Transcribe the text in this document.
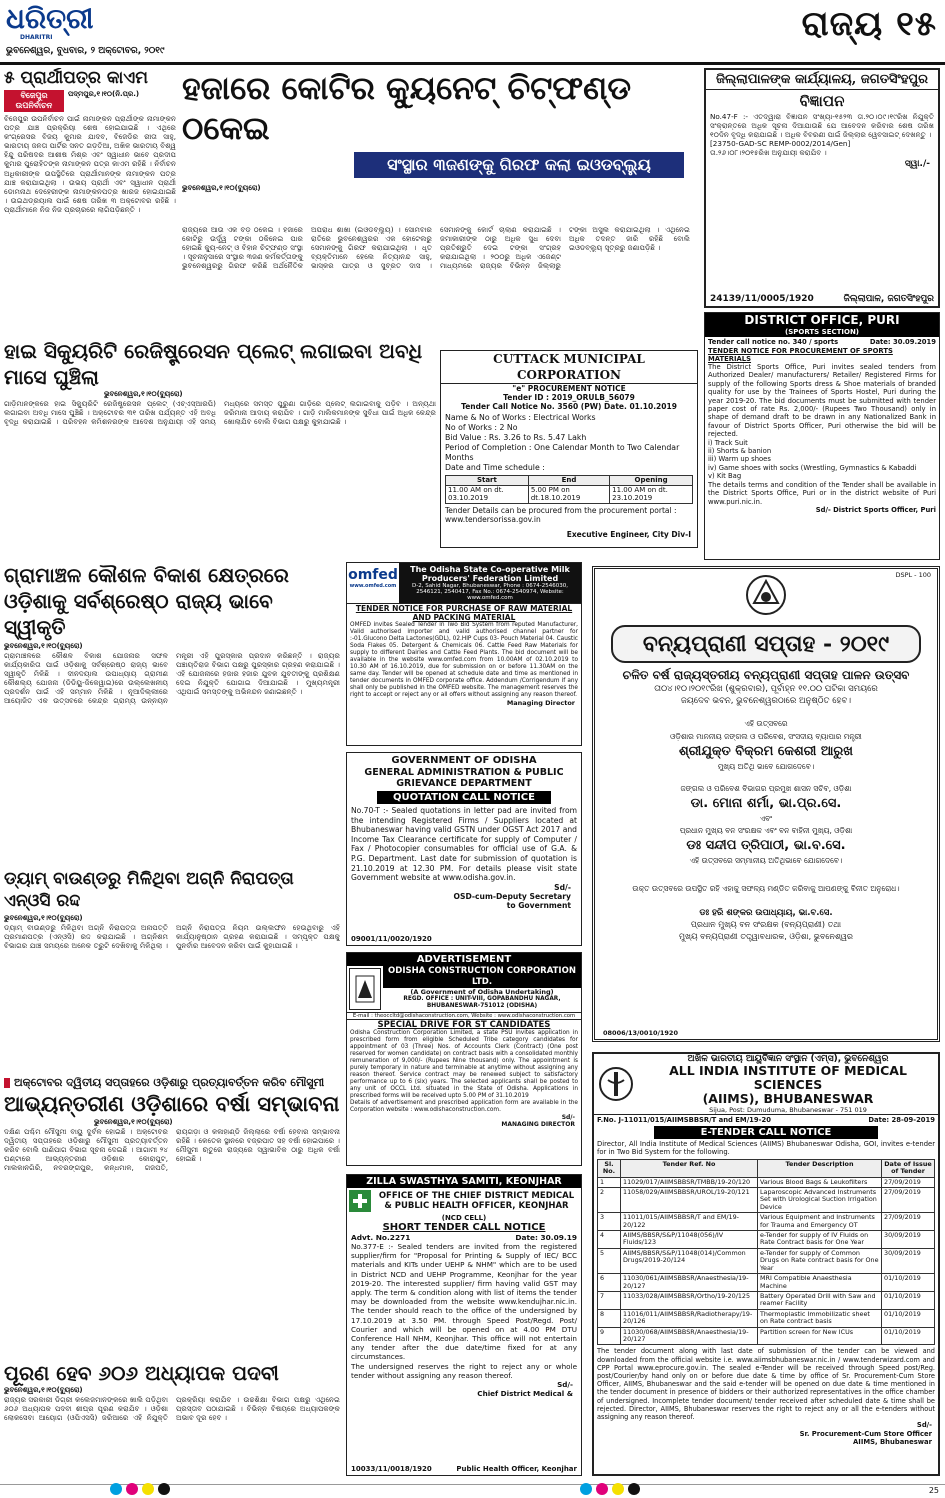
ଧରିତ୍ରୀ
DHARITRI
ଭୁବନେଶ୍ୱର, ବୁଧବାର, ୨ ଅକ୍ଟୋବର, ୨୦୧୯
ରାଜ୍ୟ ୧୫
୫ ପ୍ରାର୍ଥୀପତ୍ର କାଏମ
ବିଜେପୁର ଉପନିର୍ବାଚନ
ପଦ୍ମପୁର,୧।୧୦(ନି.ପ୍ର.)
ବିଜେପୁର ଉପନିର୍ବାଚନ ପାଇଁ ନାମାଙ୍କନ ପ୍ରାର୍ଥୀଙ୍କ ନାମାଙ୍କନ ପତ୍ର ଯାଞ୍ଚ ପ୍ରକ୍ରିୟା ଶେଷ ହୋଇଯାଇଛି । ଏଥିରେ କଂଗ୍ରେସର ବିଜୟ କୁମାର ଯାଦବ, ବିଜେଡିର ରୀତା ସାହୁ, ଭାରତୀୟ ଜନତା ପାର୍ଟିର ସନତ ଗଡ଼ତିଆ, ଅଖିଳ ଭାରତୀୟ ବିଶ୍ୱ ହିନ୍ଦୁ ପରିଷଦର ଆଶୀଷ ମିଶ୍ର ଏବଂ ସ୍ୱାଧୀନ ଭାବେ ପ୍ରଦୀପ କୁମାର ପୁରୋହିତଙ୍କ ନାମାଙ୍କନ ପତ୍ର କାଏମ ରହିଛି । ନିର୍ବାଚନ ଅଧିକାରୀଙ୍କ ଉପସ୍ଥିତିରେ ପ୍ରାର୍ଥୀମାନଙ୍କ ନାମାଙ୍କନ ପତ୍ର ଯାଞ୍ଚ କରାଯାଇଥିଲା । ଉଭୟ ପ୍ରାର୍ଥୀ ଏବଂ ସ୍ୱାଧୀନ ପ୍ରାର୍ଥୀ ଡୋମନାଥ ଦେହେରୀଙ୍କ ନାମାଙ୍କନପତ୍ର ଖାରଜ ହୋଇଯାଇଛି । ଉଇଥଡ୍ରୟାଲ ପାଇଁ ଶେଷ ତାରିଖ ୩ ଅକ୍ଟୋବର ରହିଛି । ପ୍ରାର୍ଥୀମାନେ ନିଜ ନିଜ ପ୍ରଚାରରେ ଲାଗିପଡ଼ିଛନ୍ତି ।
ହଜାରେ କୋଟିର କ୍ୟୁନେଟ୍ ଚିଟ୍‌ଫଣ୍ଡ ଠକେଇ
ଭୁବନେଶ୍ୱର,୧।୧୦(ବ୍ୟୁରୋ)
ସଂସ୍ଥାର ୩ଜଣଙ୍କୁ ଗିରଫ କଲା ଇଓଡବ୍ଲ୍ୟୁ
ରାଜ୍ୟରେ ଆଉ ଏକ ବଡ଼ ଠକେଇ । ହଜାରେ କୋଟିରୁ ଉର୍ଦ୍ଧ୍ୱ ଟଙ୍କା ଠକିନେଇ ପାର ହୋଇଛି କ୍ୟୁ-ନେଟ୍ ଓ ବିହାନ ଚିଟ୍‌ଫଣ୍ଡ ସଂସ୍ଥା । ସୂଚନାନୁସାରେ ସଂସ୍ଥାର ୩ଜଣ କର୍ମକର୍ତ୍ତାଙ୍କୁ ଭୁବନେଶ୍ୱରରୁ ଗିରଫ କରିଛି ଅର୍ଥନୈତିକ ଅପରାଧ ଶାଖା (ଇଓଡବ୍ଲ୍ୟୁ) । ସୋମବାର ରାତିରେ ଭୁବନେଶ୍ୱରର ଏକ ହୋଟେଲରୁ ସେମାନଙ୍କୁ ଗିରଫ କରାଯାଇଥିଲା । ଧୃତ ବ୍ୟକ୍ତିମାନେ ହେଲେ ନିତ୍ୟାନନ୍ଦ ସାହୁ, ଭାସ୍କର ପାତ୍ର ଓ ସୁବ୍ରତ ଦାସ । ସେମାନଙ୍କୁ କୋର୍ଟ ଚାଲାଣ କରାଯାଇଛି । ଜମାକାରୀଙ୍କ ଠାରୁ ଅଧିକ ସୁଧ ଦେବା ପ୍ରତିଶ୍ରୁତି ଦେଇ ଟଙ୍କା ସଂଗ୍ରହ କରାଯାଇଥିଲା । ୨୦୦ରୁ ଅଧିକ ଏଜେଣ୍ଟ ମାଧ୍ୟମରେ ରାଜ୍ୟର ବିଭିନ୍ନ ଜିଲ୍ଲାରୁ ଟଙ୍କା ଅସୁଲ କରାଯାଇଥିଲା । ଏଥିନେଇ ଅଧିକ ତଦନ୍ତ ଜାରି ରହିଛି ବୋଲି ଇଓଡବ୍ଲ୍ୟୁ ସୂତ୍ରରୁ ଜଣାପଡ଼ିଛି ।
ଜିଲ୍ଲାପାଳଙ୍କ କାର୍ଯ୍ୟାଳୟ, ଜଗତସିଂହପୁର
ବିଜ୍ଞାପନ
No.47-F :- ଏତଦ୍ୱାରା ବିଜ୍ଞାପନ ସଂଖ୍ୟା-୧୫୨୩ ତା.୨୦।୦୯।୧୯ରିଖ ନିଯୁକ୍ତି ସଂକ୍ରାନ୍ତରେ ଅଧିକ ସୂଚନା ଦିଆଯାଉଛି ଯେ ଆବେଦନ କରିବାର ଶେଷ ତାରିଖ ୧୦ଦିନ ବୃଦ୍ଧି କରାଯାଇଛି । ଅଧିକ ବିବରଣୀ ପାଇଁ ଜିଲ୍ଲାର ୱେବସାଇଟ୍ ଦେଖନ୍ତୁ ।
[23750-GAD-SC REMP-0002/2014/Gen]
ତା.୨୬।୦୮।୨୦୧୫ରିଖ ଅନୁଯାୟୀ କରାଯିବ ।
ସ୍ୱା./-
24139/11/0005/1920	ଜିଲ୍ଲାପାଳ, ଜଗତସିଂହପୁର
DISTRICT OFFICE, PURI
(SPORTS SECTION)
Tender call notice no. 340 / sports	Date: 30.09.2019
TENDER NOTICE FOR PROCUREMENT OF SPORTS MATERIALS
The District Sports Office, Puri invites sealed tenders from Authorized Dealer/ manufacturers/ Retailer/ Registered Firms for supply of the following Sports dress & Shoe materials of branded quality for use by the Trainees of Sports Hostel, Puri during the year 2019-20. The bid documents must be submitted with tender paper cost of rate Rs. 2,000/- (Rupees Two Thousand) only in shape of demand draft to be drawn in any Nationalized Bank in favour of District Sports Officer, Puri otherwise the bid will be rejected.
i) Track Suit
ii) Shorts & banion
iii) Warm up shoes
iv) Game shoes with socks (Wrestling, Gymnastics & Kabaddi
v) Kit Bag
The details terms and condition of the Tender shall be available in the District Sports Office, Puri or in the district website of Puri www.puri.nic.in.
Sd/- District Sports Officer, Puri
ହାଇ ସିକ୍ୟୁରିଟି ରେଜିଷ୍ଟ୍ରେସନ ପ୍ଲେଟ୍ ଲଗାଇବା ଅବଧି ମାସେ ଘୁଞ୍ଚିଲା
ଭୁବନେଶ୍ୱର,୧।୧୦(ବ୍ୟୁରୋ)
ଗାଡ଼ିମାନଙ୍କରେ ହାଇ ସିକ୍ୟୁରିଟି ରେଜିଷ୍ଟ୍ରେସନ ପ୍ଲେଟ୍ (ଏଚ୍‌ଏସ୍‌ଆରପି) ଲଗାଇବା ଅବଧି ମାସେ ଘୁଞ୍ଚିଛି । ଅକ୍ଟୋବର ୩୧ ତାରିଖ ପର୍ଯ୍ୟନ୍ତ ଏହି ଅବଧି ବୃଦ୍ଧି କରାଯାଇଛି । ପରିବହନ କମିଶନରଙ୍କ ଆଦେଶ ଅନୁଯାୟୀ ଏହି ସମୟ ମଧ୍ୟରେ ସମସ୍ତ ପୁରୁଣା ଗାଡ଼ିରେ ପ୍ଲେଟ୍ ଲଗାଇବାକୁ ପଡ଼ିବ । ଅନ୍ୟଥା ଜରିମାନା ଆଦାୟ କରାଯିବ । ଗାଡ଼ି ମାଲିକମାନଙ୍କ ସୁବିଧା ପାଇଁ ଅଧିକ କେନ୍ଦ୍ର ଖୋଲାଯିବ ବୋଲି ବିଭାଗ ପକ୍ଷରୁ କୁହାଯାଇଛି ।
CUTTACK MUNICIPAL CORPORATION
"e" PROCUREMENT NOTICE
Tender ID : 2019_ORULB_56079
Tender Call Notice No. 3560 (PW) Date. 01.10.2019
Name & No of Works : Electrical Works
No of Works : 2 No
Bid Value : Rs. 3.26 to Rs. 5.47 Lakh
Period of Completion : One Calendar Month to Two Calendar Months
Date and Time schedule :
Start	End	Opening
11.00 AM on dt. 03.10.2019	5.00 PM on dt.18.10.2019	11.00 AM on dt. 23.10.2019
Tender Details can be procured from the procurement portal : www.tendersorissa.gov.in
Executive Engineer, City Div-I
ଗ୍ରାମାଞ୍ଚଳ କୌଶଳ ବିକାଶ କ୍ଷେତ୍ରରେ
ଓଡ଼ିଶାକୁ ସର୍ବଶ୍ରେଷ୍ଠ ରାଜ୍ୟ ଭାବେ ସ୍ୱୀକୃତି
ଭୁବନେଶ୍ୱର,୧।୧୦(ବ୍ୟୁରୋ)
ଗ୍ରାମାଞ୍ଚଳରେ କୌଶଳ ବିକାଶ ଯୋଜନାର ସଫଳ କାର୍ଯ୍ୟକାରିତା ପାଇଁ ଓଡ଼ିଶାକୁ ସର୍ବଶ୍ରେଷ୍ଠ ରାଜ୍ୟ ଭାବେ ସ୍ୱୀକୃତି ମିଳିଛି । ଦୀନଦୟାଲ ଉପାଧ୍ୟାୟ ଗ୍ରାମୀଣ କୌଶଲ୍ୟ ଯୋଜନା (ଡିଡିୟୁ-ଜିକେୱାଇ)ରେ ଉଲ୍ଲେଖନୀୟ ପ୍ରଦର୍ଶନ ପାଇଁ ଏହି ସମ୍ମାନ ମିଳିଛି । ନୂଆଦିଲ୍ଲୀରେ ଆୟୋଜିତ ଏକ ଉତ୍ସବରେ କେନ୍ଦ୍ର ଗ୍ରାମ୍ୟ ଉନ୍ନୟନ ମନ୍ତ୍ରୀ ଏହି ପୁରସ୍କାର ପ୍ରଦାନ କରିଛନ୍ତି । ରାଜ୍ୟର ପଞ୍ଚାୟତିରାଜ ବିଭାଗ ପକ୍ଷରୁ ପୁରସ୍କାର ଗ୍ରହଣ କରାଯାଇଛି । ଏହି ଯୋଜନାରେ ହଜାର ହଜାର ଯୁବକ ଯୁବତୀଙ୍କୁ ପ୍ରଶିକ୍ଷଣ ଦେଇ ନିଯୁକ୍ତି ଯୋଗାଇ ଦିଆଯାଇଛି । ମୁଖ୍ୟମନ୍ତ୍ରୀ ଏଥିପାଇଁ ସମସ୍ତଙ୍କୁ ଅଭିନନ୍ଦନ ଜଣାଇଛନ୍ତି ।
omfed
www.omfed.com
The Odisha State Co-operative Milk Producers' Federation Limited
D-2, Sahid Nagar, Bhubaneswar, Phone : 0674-2546030, 2546121, 2540417, Fax No.: 0674-2540974, Website: www.omfed.com
TENDER NOTICE FOR PURCHASE OF RAW MATERIAL AND PACKING MATERIAL
OMFED invites Sealed Tender in Two Bid System from reputed Manufacturer, Valid authorised importer and valid authorised channel partner for :-01.Glucono Delta Lactones(GDL), 02.HIP Cups 03- Pouch Material 04. Caustic Soda Flakes 05. Detergent & Chemicals 06. Cattle Feed Raw Materials for supply to different Dairies and Cattle Feed Plants. The bid document will be available in the website www.omfed.com from 10.00AM of 02.10.2019 to 10.30 AM of 16.10.2019, due for submission on or before 11.30AM on the same day. Tender will be opened at schedule date and time as mentioned in tender documents in OMFED corporate office. Addendum /Corrigendum if any shall only be published in the OMFED website. The management reserves the right to accept or reject any or all offers without assigning any reason thereof.
Managing Director
GOVERNMENT OF ODISHA
GENERAL ADMINISTRATION & PUBLIC GRIEVANCE DEPARTMENT
QUOTATION CALL NOTICE
No.70-T :- Sealed quotations in letter pad are invited from the intending Registered Firms / Suppliers located at Bhubaneswar having valid GSTN under OGST Act 2017 and Income Tax Clearance certificate for supply of Computer / Fax / Photocopier consumables for official use of G.A. & P.G. Department. Last date for submission of quotation is 21.10.2019 at 12.30 PM. For details please visit state Government website at www.odisha.gov.in.
Sd/-
OSD-cum-Deputy Secretary
to Government
09001/11/0020/1920
ଡ୍ୟାମ୍ ବାଉଣ୍ଡରୁ ମିଳିଥିବା ଅଗ୍ନି ନିରାପତ୍ତା ଏନ୍‌ଓସି ରଦ୍ଦ
ଭୁବନେଶ୍ୱର,୧।୧୦(ବ୍ୟୁରୋ)
ଡ୍ୟାମ୍ ବାଉଣ୍ଡରୁ ମିଳିଥିବା ଅଗ୍ନି ନିରାପତ୍ତା ଅନାପତ୍ତି ପ୍ରମାଣପତ୍ର (ଏନ୍‌ଓସି) ରଦ୍ଦ କରାଯାଇଛି । ଅଗ୍ନିଶମ ବିଭାଗର ଯାଞ୍ଚ ସମୟରେ ଅନେକ ତ୍ରୁଟି ଦେଖିବାକୁ ମିଳିଥିଲା । ଅଗ୍ନି ନିରାପତ୍ତା ନିୟମ ଉଲ୍ଲଙ୍ଘନ ହେଉଥିବାରୁ ଏହି କାର୍ଯ୍ୟାନୁଷ୍ଠାନ ଗ୍ରହଣ କରାଯାଇଛି । ସମ୍ପୃକ୍ତ ପକ୍ଷକୁ ପୁନର୍ବାର ଆବେଦନ କରିବା ପାଇଁ କୁହାଯାଇଛି ।
ADVERTISEMENT
ODISHA CONSTRUCTION CORPORATION LTD.
(A Government of Odisha Undertaking)
REGD. OFFICE : UNIT-VIII, GOPABANDHU NAGAR, BHUBANESWAR-751012 (ODISHA)
E-mail : theoccltd@odishaconstruction.com, Website : www.odishaconstruction.com
SPECIAL DRIVE FOR ST CANDIDATES
Odisha Construction Corporation Limited, a state PSU invites application in prescribed form from eligible Scheduled Tribe category candidates for appointment of 03 (Three) Nos. of Accounts Clerk (Contract) (One post reserved for women candidate) on contract basis with a consolidated monthly remuneration of 9,000/- (Rupees Nine thousand) only. The appointment is purely temporary in nature and terminable at anytime without assigning any reason thereof. Service contract may be renewed subject to satisfactory performance up to 6 (six) years. The selected applicants shall be posted to any unit of OCCL Ltd. situated in the State of Odisha. Applications in prescribed forms will be received upto 5.00 PM of 31.10.2019
Details of advertisement and prescribed application form are available in the Corporation website : www.odishaconstruction.com.
Sd/-
MANAGING DIRECTOR
ଅକ୍ଟୋବର ଦ୍ୱିତୀୟ ସପ୍ତାହରେ ଓଡ଼ିଶାରୁ ପ୍ରତ୍ୟାବର୍ତ୍ତନ କରିବ ମୌସୁମୀ
ଆଭ୍ୟନ୍ତରୀଣ ଓଡ଼ିଶାରେ ବର୍ଷା ସମ୍ଭାବନା
ଭୁବନେଶ୍ୱର,୧।୧୦(ବ୍ୟୁରୋ)
ଦକ୍ଷିଣ ପଶ୍ଚିମ ମୌସୁମୀ ବାୟୁ ଦୁର୍ବଳ ହୋଇଛି । ଅକ୍ଟୋବର ଦ୍ୱିତୀୟ ସପ୍ତାହରେ ଓଡ଼ିଶାରୁ ମୌସୁମୀ ପ୍ରତ୍ୟାବର୍ତ୍ତନ କରିବ ବୋଲି ପାଣିପାଗ ବିଭାଗ ସୂଚନା ଦେଇଛି । ଆଗାମୀ ୨୪ ଘଣ୍ଟାରେ ଆଭ୍ୟନ୍ତରୀଣ ଓଡ଼ିଶାର କୋରାପୁଟ, ମାଲକାନଗିରି, ନବରଙ୍ଗପୁର, କନ୍ଧମାଳ, ଗଜପତି, ରାୟଗଡ଼ା ଓ କଳାହାଣ୍ଡି ଜିଲ୍ଲାରେ ବର୍ଷା ହେବାର ସମ୍ଭାବନା ରହିଛି । କେତେକ ସ୍ଥାନରେ ବଜ୍ରପାତ ସହ ବର୍ଷା ହୋଇପାରେ । ମୌସୁମୀ ଋତୁରେ ରାଜ୍ୟରେ ସ୍ୱାଭାବିକ ଠାରୁ ଅଧିକ ବର୍ଷା ହୋଇଛି ।
ପୂରଣ ହେବ ୬୦୬ ଅଧ୍ୟାପକ ପଦବୀ
ଭୁବନେଶ୍ୱର,୧।୧୦(ବ୍ୟୁରୋ)
ରାଜ୍ୟର ସରକାରୀ ଡିଗ୍ରୀ କଲେଜମାନଙ୍କରେ ଖାଲି ପଡ଼ିଥିବା ୬୦୬ ଅଧ୍ୟାପକ ପଦବୀ ଶୀଘ୍ର ପୂରଣ କରାଯିବ । ଓଡ଼ିଶା ଲୋକସେବା ଆୟୋଗ (ଓପିଏସସି) ଜରିଆରେ ଏହି ନିଯୁକ୍ତି ପ୍ରକ୍ରିୟା କରାଯିବ । ଉଚ୍ଚଶିକ୍ଷା ବିଭାଗ ପକ୍ଷରୁ ଏଥିନେଇ ପ୍ରସ୍ତାବ ପଠାଯାଇଛି । ବିଭିନ୍ନ ବିଷୟରେ ଅଧ୍ୟାପକଙ୍କ ଅଭାବ ଦୂର ହେବ ।
ZILLA SWASTHYA SAMITI, KEONJHAR
OFFICE OF THE CHIEF DISTRICT MEDICAL & PUBLIC HEALTH OFFICER, KEONJHAR
(NCD CELL)
SHORT TENDER CALL NOTICE
Advt. No.2271	Date: 30.09.19
No.377-E :- Sealed tenders are invited from the registered supplier/firm for "Proposal for Printing & Supply of IEC/ BCC materials and KITs under UEHP & NHM" which are to be used in District NCD and UEHP Programme, Keonjhar for the year 2019-20. The interested supplier/ firm having valid GST may apply. The term & condition along with list of items the tender may be downloaded from the website www.kendujhar.nic.in. The tender should reach to the office of the undersigned by 17.10.2019 at 3.50 PM. through Speed Post/Regd. Post/ Courier and which will be opened on at 4.00 PM DTU Conference Hall NHM, Keonjhar. This office will not entertain any tender after the due date/time fixed for at any circumstances.
The undersigned reserves the right to reject any or whole tender without assigning any reason thereof.
Sd/-
Chief District Medical &
10033/11/0018/1920	Public Health Officer, Keonjhar
DSPL - 100
ବନ୍ୟପ୍ରାଣୀ ସପ୍ତାହ - ୨୦୧୯
ଚଳିତ ବର୍ଷ ରାଜ୍ୟସ୍ତରୀୟ ବନ୍ୟପ୍ରାଣୀ ସପ୍ତାହ ପାଳନ ଉତ୍ସବ
ତା୦୪।୧୦।୨୦୧୯ରିଖ (ଶୁକ୍ରବାର), ପୂର୍ବାହ୍ନ ୧୧.୦୦ ଘଟିକା ସମୟରେ
ଜୟଦେବ ଭବନ, ଭୁବନେଶ୍ୱରଠାରେ ଅନୁଷ୍ଠିତ ହେବ।
ଏହି ଉତ୍ସବରେ
ଓଡ଼ିଶାର ମାନନୀୟ ଜଙ୍ଗଲ ଓ ପରିବେଶ, ସଂସଦୀୟ ବ୍ୟାପାର ମନ୍ତ୍ରୀ
ଶ୍ରୀଯୁକ୍ତ ବିକ୍ରମ କେଶରୀ ଆରୁଖ
ମୁଖ୍ୟ ଅତିଥି ଭାବେ ଯୋଗଦେବେ।
ଜଙ୍ଗଲ ଓ ପରିବେଶ ବିଭାଗର ପ୍ରମୁଖ ଶାସନ ସଚିବ, ଓଡ଼ିଶା
ଡା. ମୋନା ଶର୍ମା, ଭା.ପ୍ର.ସେ.
ଏବଂ
ପ୍ରଧାନ ମୁଖ୍ୟ ବନ ସଂରକ୍ଷକ ଏବଂ ବନ ବାହିନୀ ମୁଖ୍ୟ, ଓଡ଼ିଶା
ଡଃ ସନ୍ଦୀପ ତ୍ରିପାଠୀ, ଭା.ବ.ସେ.
ଏହି ଉତ୍ସବରେ ସମ୍ମାନୀୟ ଅତିଥିଭାବେ ଯୋଗଦେବେ।
ଉକ୍ତ ଉତ୍ସବରେ ଉପସ୍ଥିତ ରହି ଏହାକୁ ସଫଳ୍ୟ ମଣ୍ଡିତ କରିବାକୁ ଆପଣଙ୍କୁ ବିନୀତ ଅନୁରୋଧ।
ଡଃ ହରି ଶଙ୍କର ଉପାଧ୍ୟାୟ, ଭା.ବ.ସେ.
ପ୍ରଧାନ ମୁଖ୍ୟ ବନ ସଂରକ୍ଷକ (ବନ୍ୟପ୍ରାଣୀ) ତଥା
ମୁଖ୍ୟ ବନ୍ୟପ୍ରାଣୀ ତତ୍ତ୍ୱାବଧାରକ, ଓଡ଼ିଶା, ଭୁବନେଶ୍ୱର
08006/13/0010/1920
ଅଖିଳ ଭାରତୀୟ ଆୟୁର୍ବିଜ୍ଞାନ ସଂସ୍ଥାନ (ଏମ୍ସ), ଭୁବନେଶ୍ୱର
ALL INDIA INSTITUTE OF MEDICAL SCIENCES
(AIIMS), BHUBANESWAR
Sijua, Post: Dumuduma, Bhubaneswar - 751 019
F.No. J-11011/015/AIIMSBBSR/T and EM/19-20	Date: 28-09-2019
E-TENDER CALL NOTICE
Director, All India Institute of Medical Sciences (AIIMS) Bhubaneswar Odisha, GOI, invites e-tender for in Two Bid System for the following.
Sl. No.	Tender Ref. No	Tender Description	Date of Issue of Tender
1	11029/017/AIIMSBBSR/TMBB/19-20/120	Various Blood Bags & Leukofilters	27/09/2019
2	11058/029/AIIMSBBSR/UROL/19-20/121	Laparoscopic Advanced Instruments Set with Urological Suction Irrigation Device	27/09/2019
3	11011/015/AIIMSBBSR/T and EM/19-20/122	Various Equipment and Instruments for Trauma and Emergency OT	27/09/2019
4	AIIMS/BBSR/S&P/11048(056)/IV Fluids/123	e-Tender for supply of IV Fluids on Rate Contract basis for One Year	30/09/2019
5	AIIMS/BBSR/S&P/11048(014)/Common Drugs/2019-20/124	e-Tender for supply of Common Drugs on Rate contract basis for One Year	30/09/2019
6	11030/061/AIIMSBBSR/Anaesthesia/19-20/127	MRI Compatible Anaesthesia Machine	01/10/2019
7	11033/028/AIIMSBBSR/Ortho/19-20/125	Battery Operated Drill with Saw and reamer Facility	01/10/2019
8	11016/011/AIIMSBBSR/Radiotherapy/19-20/126	Thermoplastic Immobilizatic sheet on Rate contract basis	01/10/2019
9	11030/068/AIIMSBBSR/Anaesthesia/19-20/127	Partition screen for New ICUs	01/10/2019
The tender document along with last date of submission of the tender can be viewed and downloaded from the official website i.e. www.aiimsbhubaneswar.nic.in / www.tenderwizard.com and CPP Portal www.eprocure.gov.in. The sealed e-Tender will be received through Speed post/Reg. post/Courier/by hand only on or before due date & time by office of Sr. Procurement-Cum Store Officer, AIIMS, Bhubaneswar and the said e-tender will be opened on due date & time mentioned in the tender document in presence of bidders or their authorized representatives in the office chamber of undersigned. Incomplete tender document/ tender received after scheduled date & time shall be rejected. Director, AIIMS, Bhubaneswar reserves the right to reject any or all the e-tenders without assigning any reason thereof.
Sd/-
Sr. Procurement-Cum Store Officer
AIIMS, Bhubaneswar
25
